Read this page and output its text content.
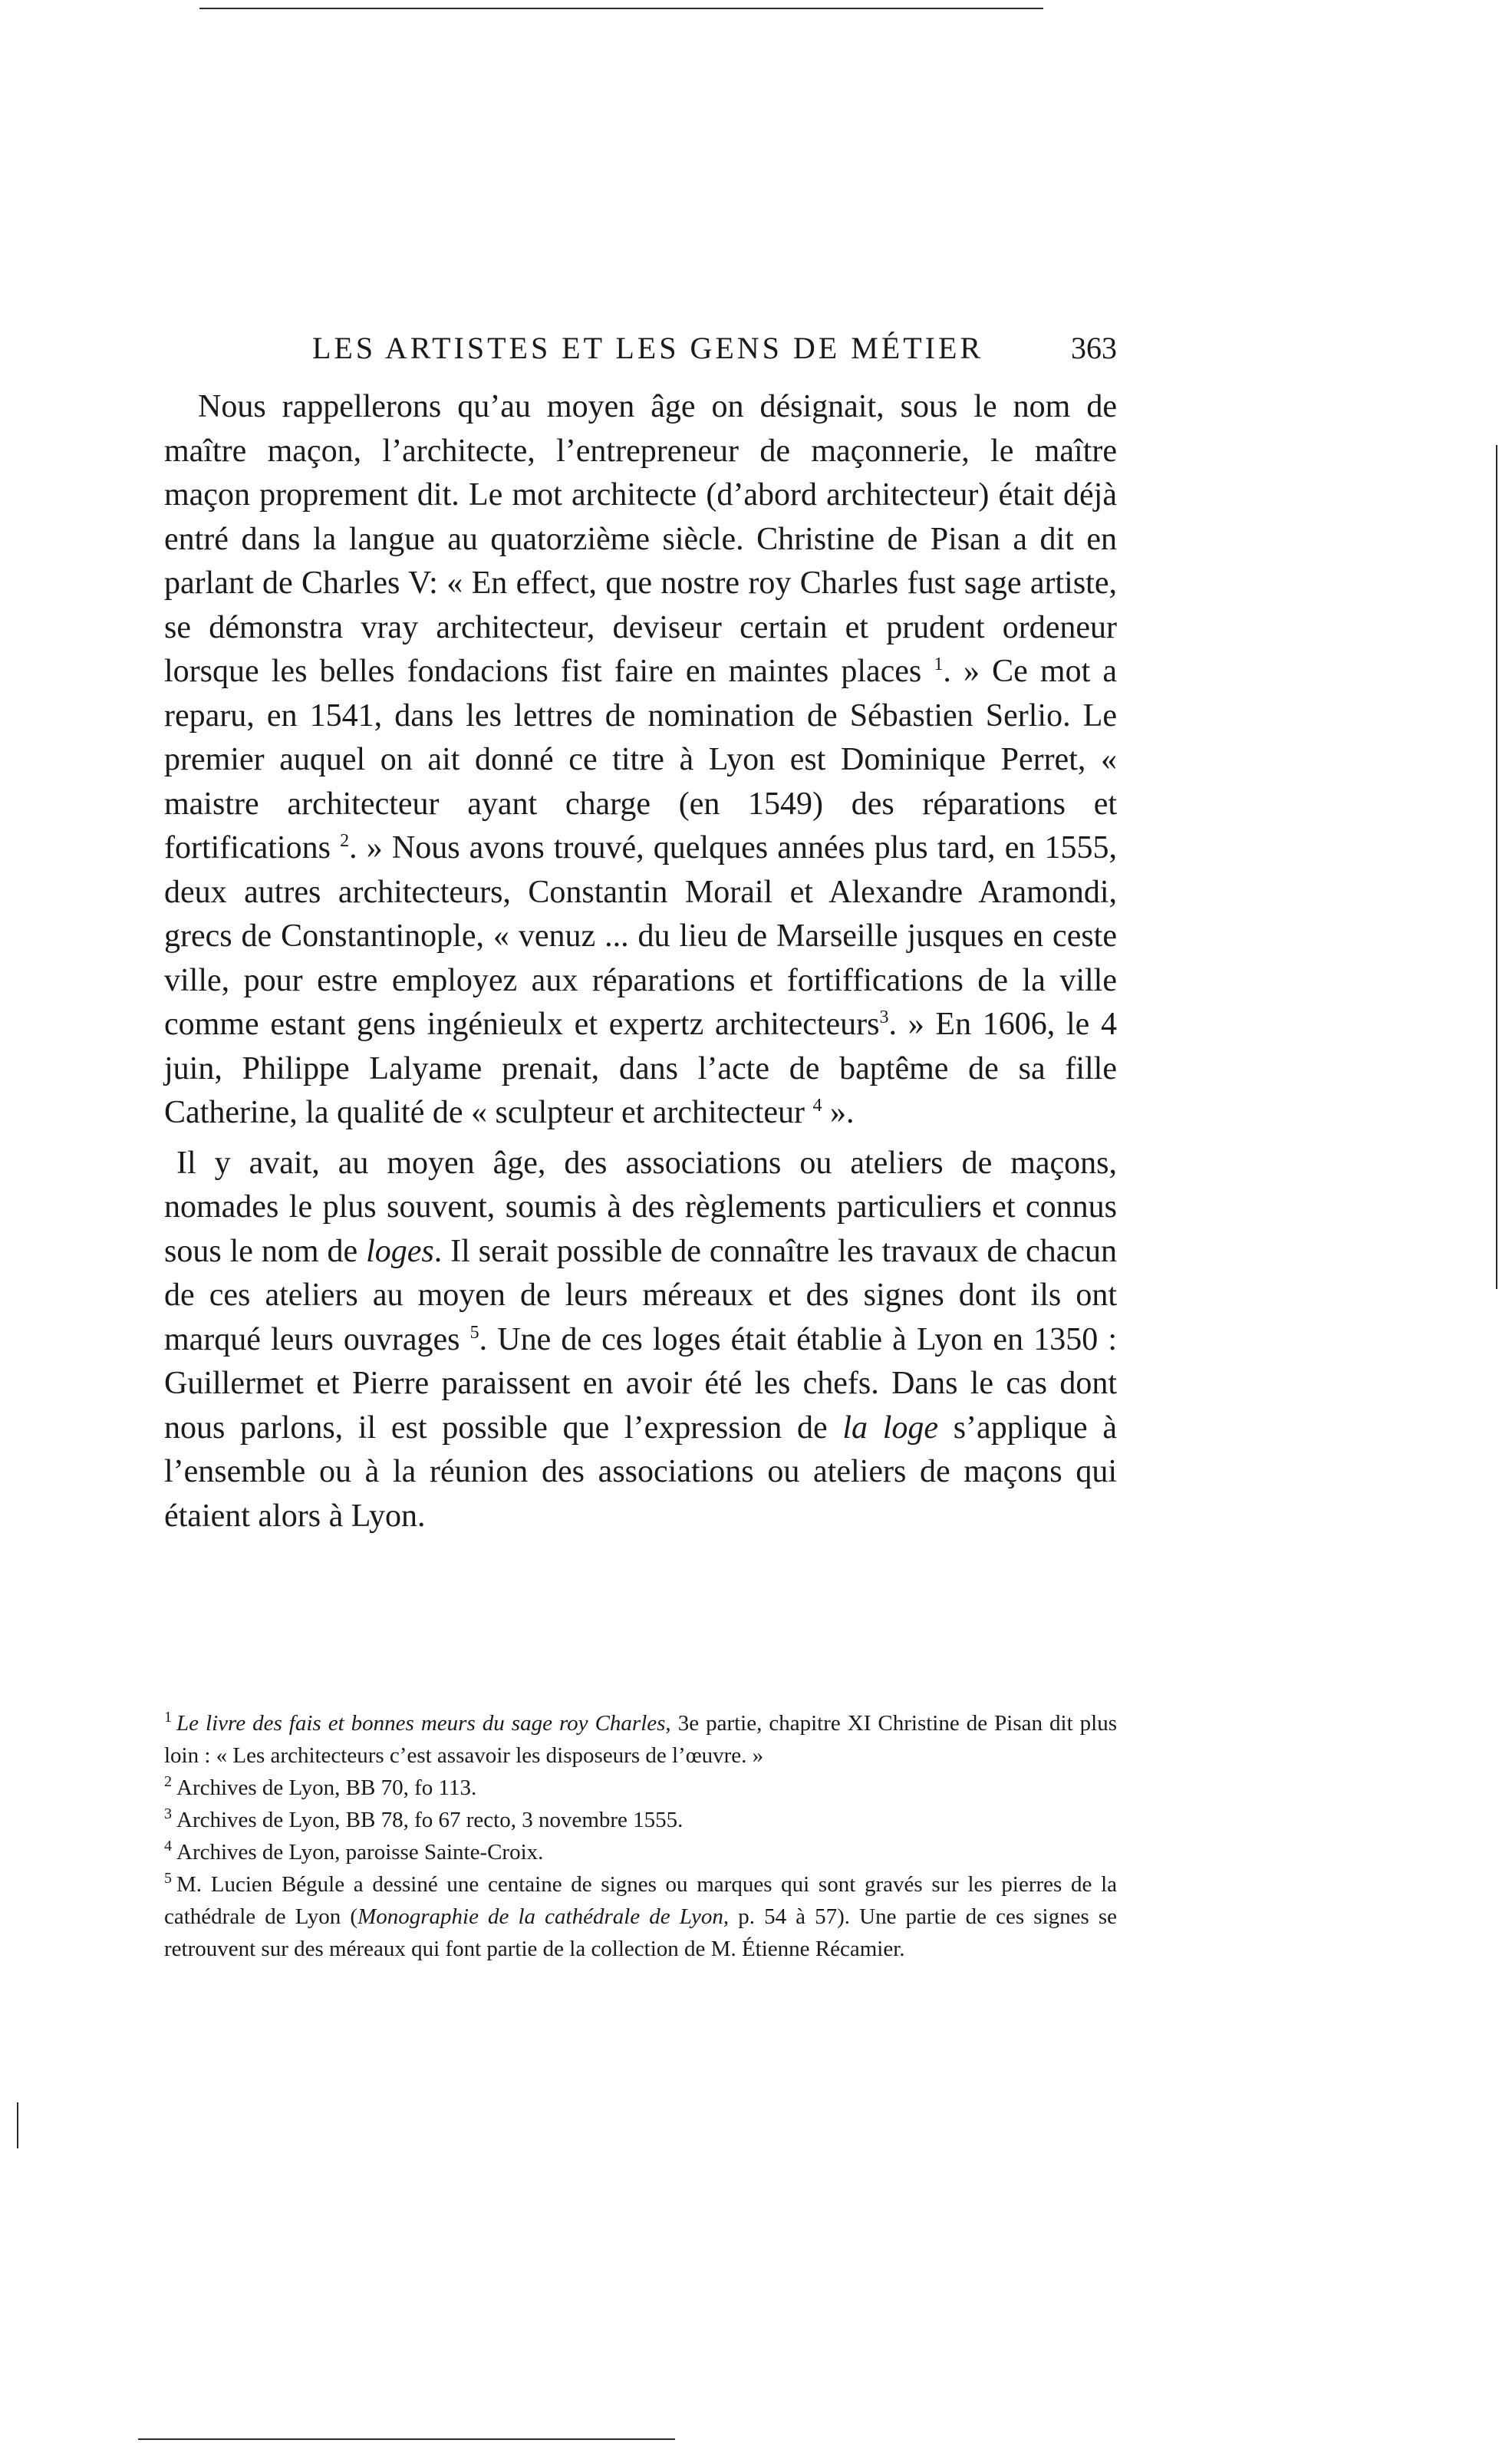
LES ARTISTES ET LES GENS DE MÉTIER	363

Nous rappellerons qu’au moyen âge on désignait, sous le nom de maître maçon, l’architecte, l’entrepreneur de maçonnerie, le maître maçon proprement dit. Le mot architecte (d’abord architecteur) était déjà entré dans la langue au quatorzième siècle. Christine de Pisan a dit en parlant de Charles V: « En effect, que nostre roy Charles fust sage artiste, se démonstra vray architecteur, deviseur certain et prudent ordeneur lorsque les belles fondacions fist faire en maintes places $^1$. » Ce mot a reparu, en 1541, dans les lettres de nomination de Sébastien Serlio. Le premier auquel on ait donné ce titre à Lyon est Dominique Perret, « maistre architecteur ayant charge (en 1549) des réparations et fortifications $^2$. » Nous avons trouvé, quelques années plus tard, en 1555, deux autres architecteurs, Constantin Morail et Alexandre Aramondi, grecs de Constantinople, « venuz ... du lieu de Marseille jusques en ceste ville, pour estre employez aux réparations et fortiffications de la ville comme estant gens ingénieulx et expertz architecteurs$^3$. » En 1606, le 4 juin, Philippe Lalyame prenait, dans l’acte de baptême de sa fille Catherine, la qualité de « sculpteur et architecteur $^4$ ».

Il y avait, au moyen âge, des associations ou ateliers de maçons, nomades le plus souvent, soumis à des règlements particuliers et connus sous le nom de loges. Il serait possible de connaître les travaux de chacun de ces ateliers au moyen de leurs méreaux et des signes dont ils ont marqué leurs ouvrages $^5$. Une de ces loges était établie à Lyon en 1350 : Guillermet et Pierre paraissent en avoir été les chefs. Dans le cas dont nous parlons, il est possible que l’expression de la loge s’applique à l’ensemble ou à la réunion des associations ou ateliers de maçons qui étaient alors à Lyon.

$^1$ Le livre des fais et bonnes meurs du sage roy Charles, 3e partie, chapitre XI Christine de Pisan dit plus loin : « Les architecteurs c’est assavoir les disposeurs de l’œuvre. »

$^2$ Archives de Lyon, BB 70, fo 113.

$^3$ Archives de Lyon, BB 78, fo 67 recto, 3 novembre 1555.

$^4$ Archives de Lyon, paroisse Sainte-Croix.

$^5$ M. Lucien Bégule a dessiné une centaine de signes ou marques qui sont gravés sur les pierres de la cathédrale de Lyon (Monographie de la cathédrale de Lyon, p. 54 à 57). Une partie de ces signes se retrouvent sur des méreaux qui font partie de la collection de M. Étienne Récamier.
